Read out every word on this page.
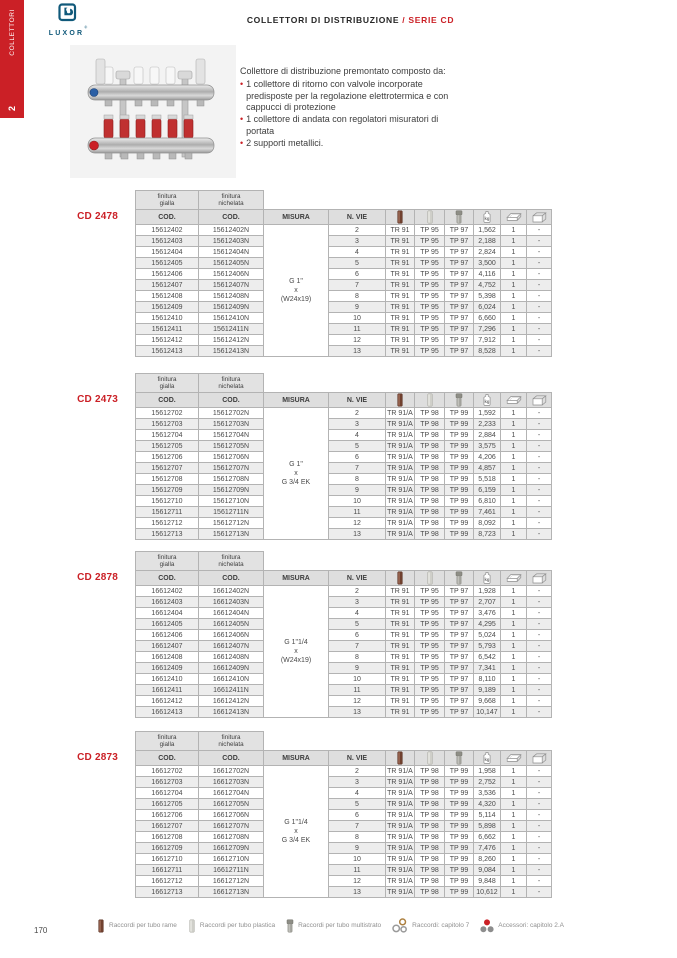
COLLETTORI
2
LUXOR®
COLLETTORI DI DISTRIBUZIONE / SERIE CD

Collettore di distribuzione premontato composto da:

• 1 collettore di ritorno con valvole incorporate predisposte per la regolazione elettrotermica e con cappucci di protezione
• 1 collettore di andata con regolatori misuratori di portata
• 2 supporti metallici.
CD 2478
finitura
gialla

finitura
nichelata

COD.	COD.	MISURA	N. VIE				kg

15612402	15612402N	G 1"
x
(W24x19)	2	TR 91	TP 95	TP 97	1,562	1	-
15612403	15612403N		3	TR 91	TP 95	TP 97	2,188	1	-
15612404	15612404N		4	TR 91	TP 95	TP 97	2,824	1	-
15612405	15612405N		5	TR 91	TP 95	TP 97	3,500	1	-
15612406	15612406N		6	TR 91	TP 95	TP 97	4,116	1	-
15612407	15612407N		7	TR 91	TP 95	TP 97	4,752	1	-
15612408	15612408N		8	TR 91	TP 95	TP 97	5,398	1	-
15612409	15612409N		9	TR 91	TP 95	TP 97	6,024	1	-
15612410	15612410N		10	TR 91	TP 95	TP 97	6,660	1	-
15612411	15612411N		11	TR 91	TP 95	TP 97	7,296	1	-
15612412	15612412N		12	TR 91	TP 95	TP 97	7,912	1	-
15612413	15612413N		13	TR 91	TP 95	TP 97	8,528	1	-
CD 2473
finitura
gialla

finitura
nichelata

COD.	COD.	MISURA	N. VIE				kg

15612702	15612702N	G 1"
x
G 3/4 EK	2	TR 91/A	TP 98	TP 99	1,592	1	-
15612703	15612703N		3	TR 91/A	TP 98	TP 99	2,233	1	-
15612704	15612704N		4	TR 91/A	TP 98	TP 99	2,884	1	-
15612705	15612705N		5	TR 91/A	TP 98	TP 99	3,575	1	-
15612706	15612706N		6	TR 91/A	TP 98	TP 99	4,206	1	-
15612707	15612707N		7	TR 91/A	TP 98	TP 99	4,857	1	-
15612708	15612708N		8	TR 91/A	TP 98	TP 99	5,518	1	-
15612709	15612709N		9	TR 91/A	TP 98	TP 99	6,159	1	-
15612710	15612710N		10	TR 91/A	TP 98	TP 99	6,810	1	-
15612711	15612711N		11	TR 91/A	TP 98	TP 99	7,461	1	-
15612712	15612712N		12	TR 91/A	TP 98	TP 99	8,092	1	-
15612713	15612713N		13	TR 91/A	TP 98	TP 99	8,723	1	-
CD 2878
finitura
gialla

finitura
nichelata

COD.	COD.	MISURA	N. VIE				kg

16612402	16612402N	G 1"1/4
x
(W24x19)	2	TR 91	TP 95	TP 97	1,928	1	-
16612403	16612403N		3	TR 91	TP 95	TP 97	2,707	1	-
16612404	16612404N		4	TR 91	TP 95	TP 97	3,476	1	-
16612405	16612405N		5	TR 91	TP 95	TP 97	4,295	1	-
16612406	16612406N		6	TR 91	TP 95	TP 97	5,024	1	-
16612407	16612407N		7	TR 91	TP 95	TP 97	5,793	1	-
16612408	16612408N		8	TR 91	TP 95	TP 97	6,542	1	-
16612409	16612409N		9	TR 91	TP 95	TP 97	7,341	1	-
16612410	16612410N		10	TR 91	TP 95	TP 97	8,110	1	-
16612411	16612411N		11	TR 91	TP 95	TP 97	9,189	1	-
16612412	16612412N		12	TR 91	TP 95	TP 97	9,668	1	-
16612413	16612413N		13	TR 91	TP 95	TP 97	10,147	1	-
CD 2873
finitura
gialla

finitura
nichelata

COD.	COD.	MISURA	N. VIE				kg

16612702	16612702N	G 1"1/4
x
G 3/4 EK	2	TR 91/A	TP 98	TP 99	1,958	1	-
16612703	16612703N		3	TR 91/A	TP 98	TP 99	2,752	1	-
16612704	16612704N		4	TR 91/A	TP 98	TP 99	3,536	1	-
16612705	16612705N		5	TR 91/A	TP 98	TP 99	4,320	1	-
16612706	16612706N		6	TR 91/A	TP 98	TP 99	5,114	1	-
16612707	16612707N		7	TR 91/A	TP 98	TP 99	5,898	1	-
16612708	16612708N		8	TR 91/A	TP 98	TP 99	6,662	1	-
16612709	16612709N		9	TR 91/A	TP 98	TP 99	7,476	1	-
16612710	16612710N		10	TR 91/A	TP 98	TP 99	8,260	1	-
16612711	16612711N		11	TR 91/A	TP 98	TP 99	9,084	1	-
16612712	16612712N		12	TR 91/A	TP 98	TP 99	9,848	1	-
16612713	16612713N		13	TR 91/A	TP 98	TP 99	10,612	1	-
170
Raccordi per tubo rame	Raccordi per tubo plastica	Raccordi per tubo multistrato	Raccordi: capitolo 7	Accessori: capitolo 2.A
